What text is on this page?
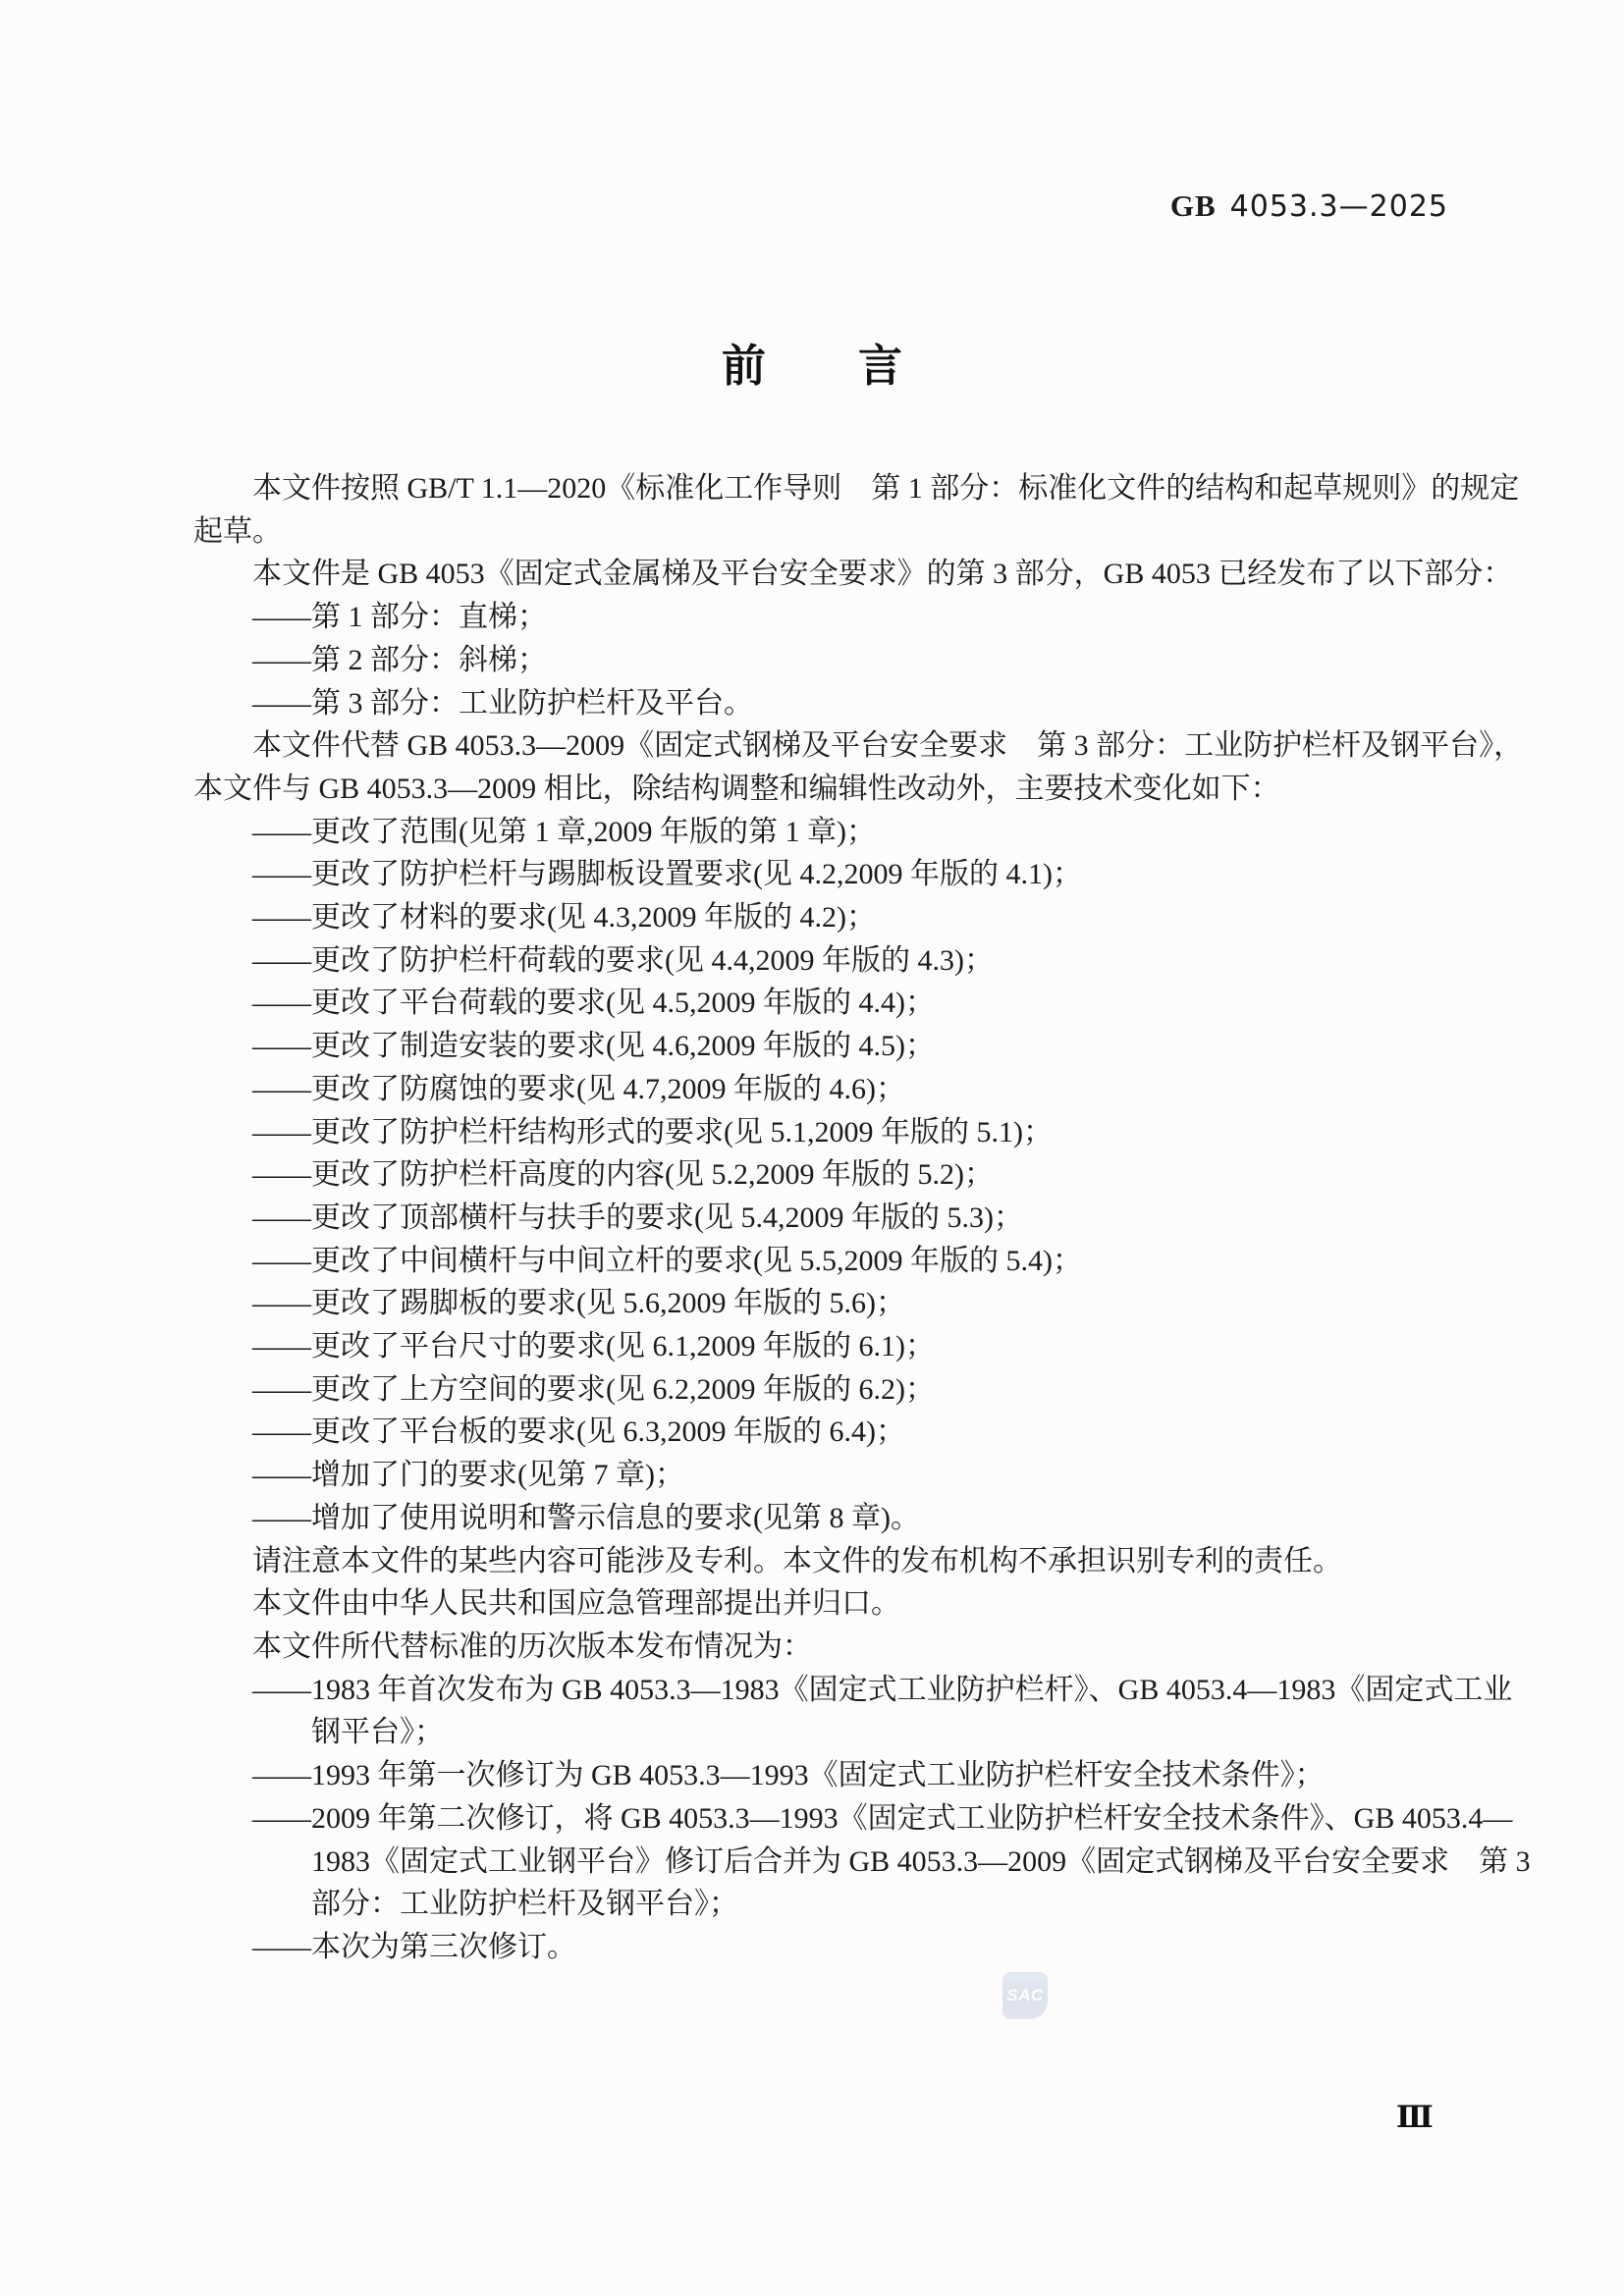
GB 4053.3—2025
前 言
本文件按照 GB/T 1.1—2020《标准化工作导则　第 1 部分：标准化文件的结构和起草规则》的规定
起草。
本文件是 GB 4053《固定式金属梯及平台安全要求》的第 3 部分，GB 4053 已经发布了以下部分：
——第 1 部分：直梯；
——第 2 部分：斜梯；
——第 3 部分：工业防护栏杆及平台。
本文件代替 GB 4053.3—2009《固定式钢梯及平台安全要求　第 3 部分：工业防护栏杆及钢平台》，
本文件与 GB 4053.3—2009 相比，除结构调整和编辑性改动外，主要技术变化如下：
——更改了范围(见第 1 章,2009 年版的第 1 章)；
——更改了防护栏杆与踢脚板设置要求(见 4.2,2009 年版的 4.1)；
——更改了材料的要求(见 4.3,2009 年版的 4.2)；
——更改了防护栏杆荷载的要求(见 4.4,2009 年版的 4.3)；
——更改了平台荷载的要求(见 4.5,2009 年版的 4.4)；
——更改了制造安装的要求(见 4.6,2009 年版的 4.5)；
——更改了防腐蚀的要求(见 4.7,2009 年版的 4.6)；
——更改了防护栏杆结构形式的要求(见 5.1,2009 年版的 5.1)；
——更改了防护栏杆高度的内容(见 5.2,2009 年版的 5.2)；
——更改了顶部横杆与扶手的要求(见 5.4,2009 年版的 5.3)；
——更改了中间横杆与中间立杆的要求(见 5.5,2009 年版的 5.4)；
——更改了踢脚板的要求(见 5.6,2009 年版的 5.6)；
——更改了平台尺寸的要求(见 6.1,2009 年版的 6.1)；
——更改了上方空间的要求(见 6.2,2009 年版的 6.2)；
——更改了平台板的要求(见 6.3,2009 年版的 6.4)；
——增加了门的要求(见第 7 章)；
——增加了使用说明和警示信息的要求(见第 8 章)。
请注意本文件的某些内容可能涉及专利。本文件的发布机构不承担识别专利的责任。
本文件由中华人民共和国应急管理部提出并归口。
本文件所代替标准的历次版本发布情况为：
——1983 年首次发布为 GB 4053.3—1983《固定式工业防护栏杆》、GB 4053.4—1983《固定式工业
钢平台》；
——1993 年第一次修订为 GB 4053.3—1993《固定式工业防护栏杆安全技术条件》；
——2009 年第二次修订，将 GB 4053.3—1993《固定式工业防护栏杆安全技术条件》、GB 4053.4—
1983《固定式工业钢平台》修订后合并为 GB 4053.3—2009《固定式钢梯及平台安全要求　第 3
部分：工业防护栏杆及钢平台》；
——本次为第三次修订。
SAC
Ⅲ
